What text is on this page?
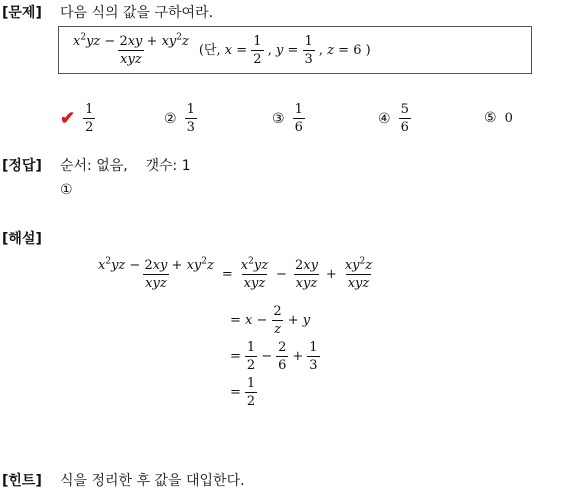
[문제] 다음 식의 값을 구하여라.
$\frac{x^2yz - 2xy + xy^2z}{\text{xyz}}$ (단, $x = \frac{1}{2}$ , $y = \frac{1}{3}$ , z = 6 )
✔ $\frac{1}{2}$	② $\frac{1}{3}$	③ $\frac{1}{6}$	④ $\frac{5}{6}$	⑤ 0
[정답] 순서: 없음,    갯수: 1
①
[해설]
$\frac{x^2yz - 2xy + xy^2z}{\text{xyz}} = \frac{x^2yz}{\text{xyz}} - \frac{2xy}{\text{xyz}} + \frac{xy^2z}{\text{xyz}}$
= $x - \frac{2}{z} + y$
= $\frac{1}{2} - \frac{2}{6} + \frac{1}{3}$
= $\frac{1}{2}$
[힌트] 식을 정리한 후 값을 대입한다.
